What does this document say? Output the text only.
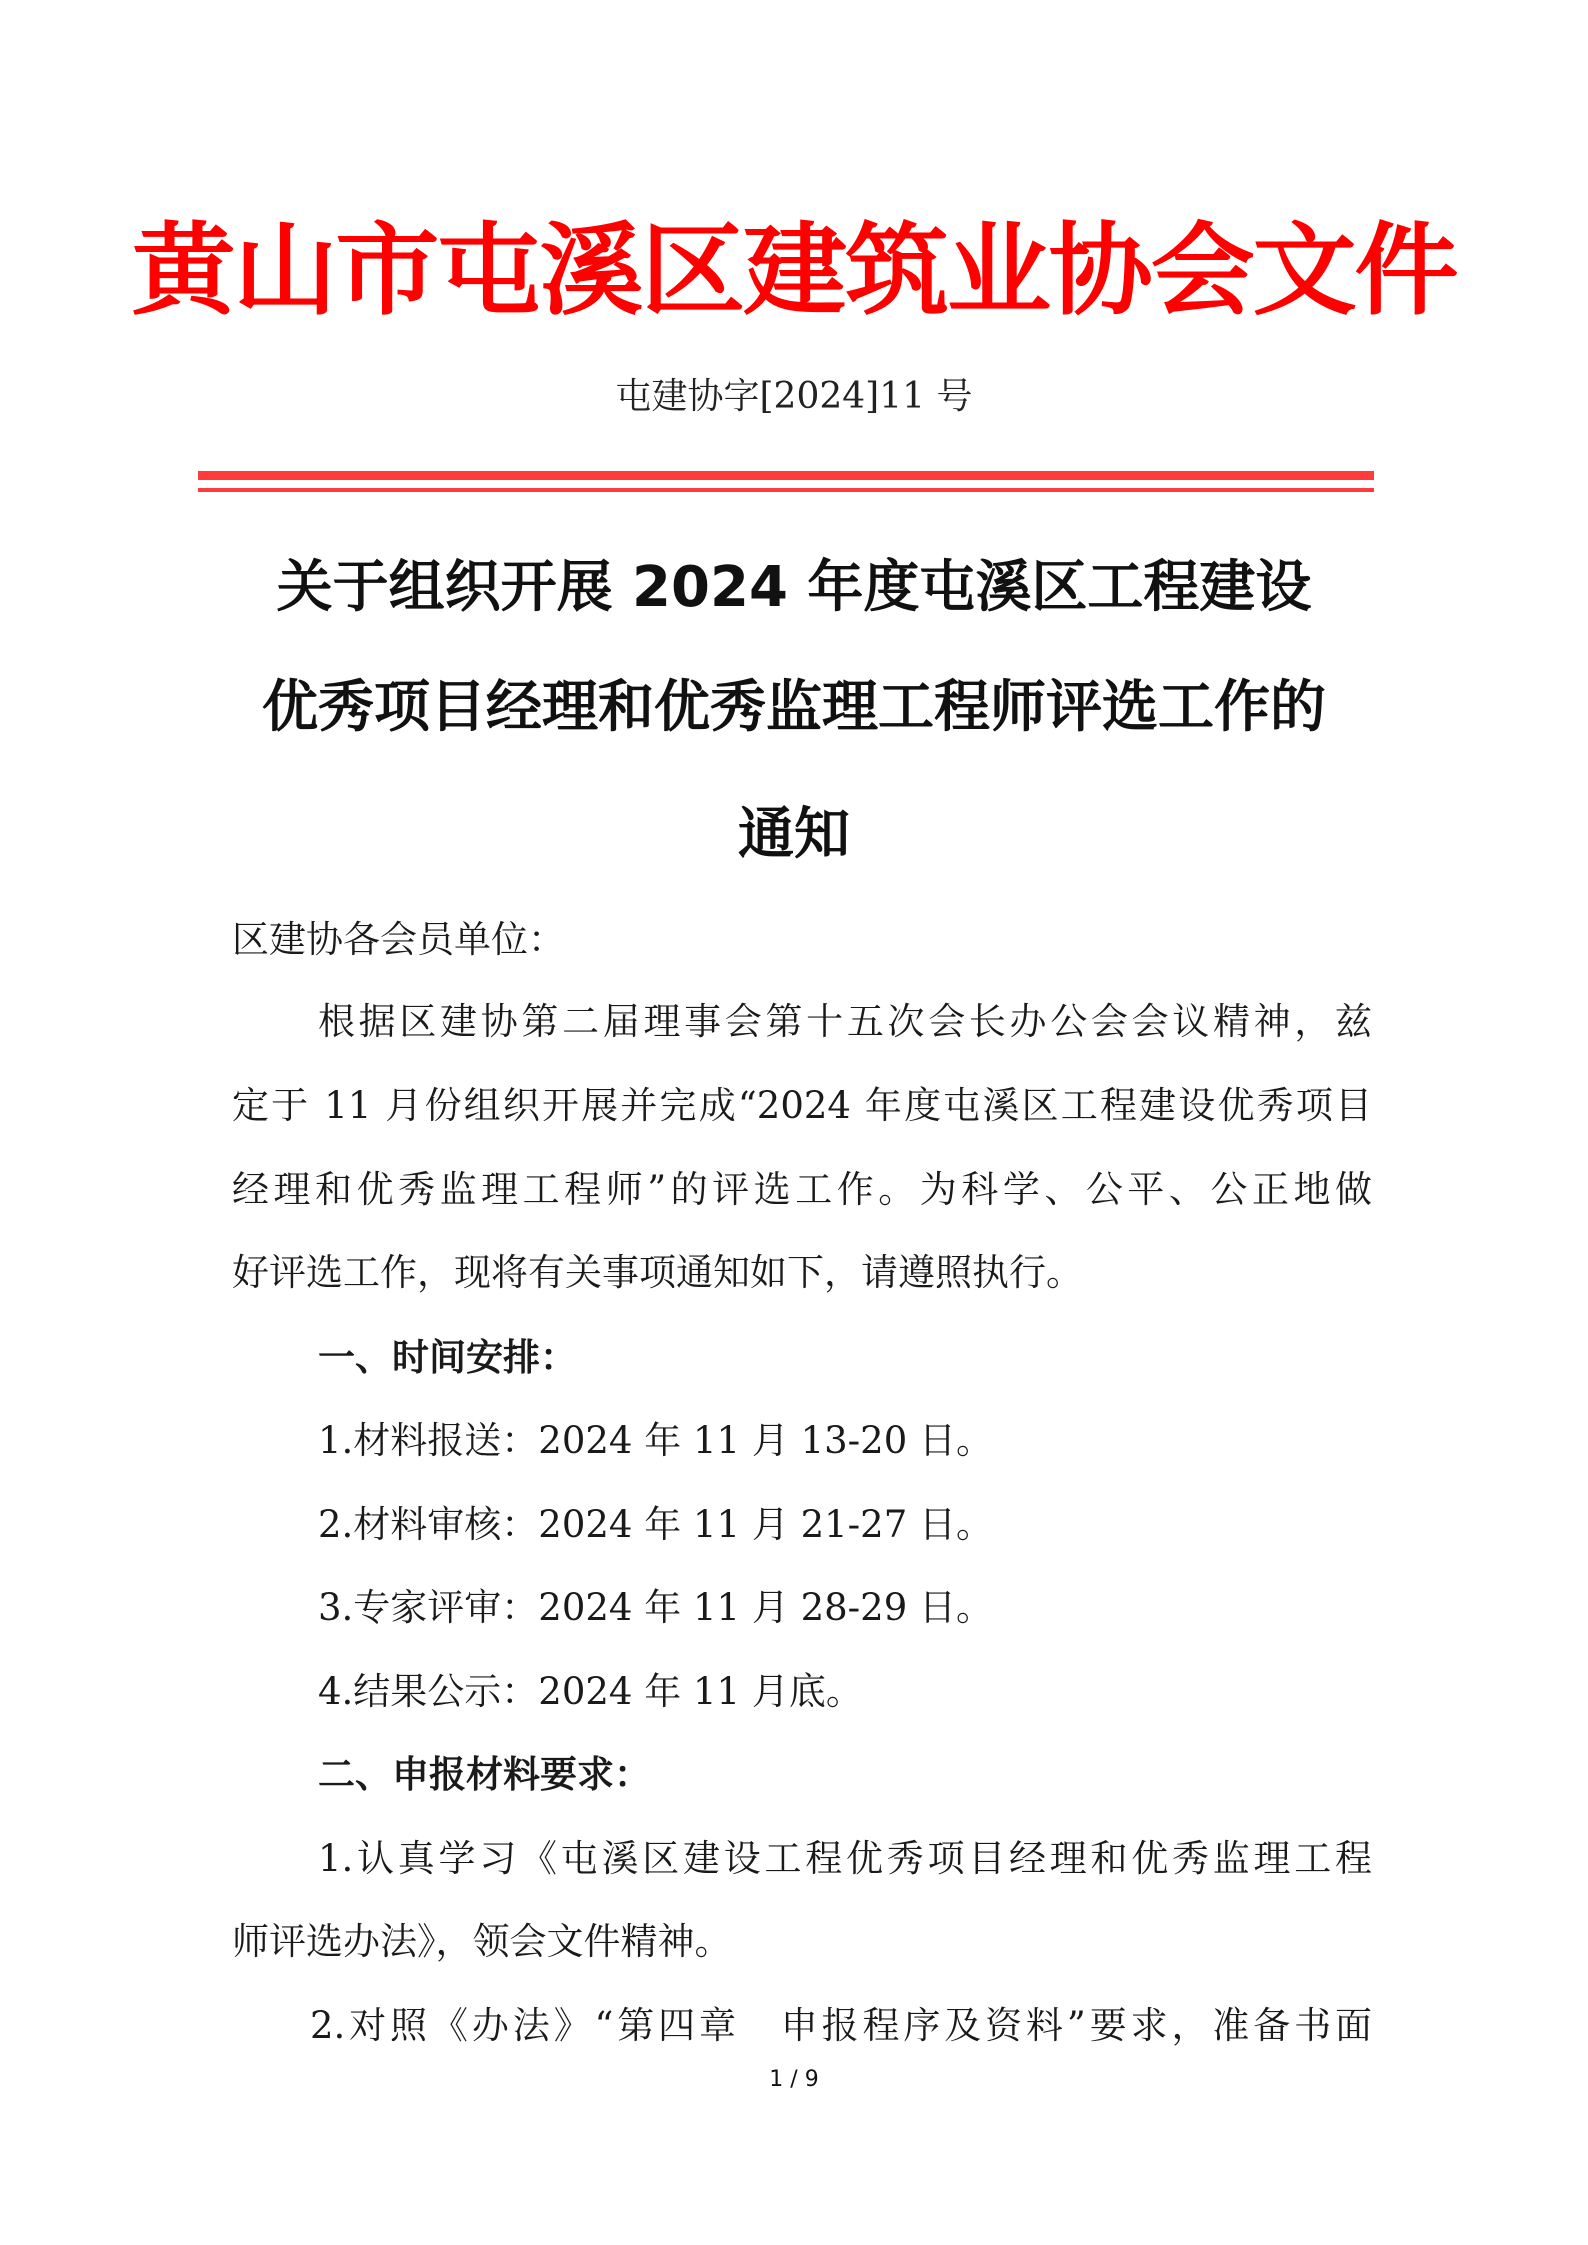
黄山市屯溪区建筑业协会文件
屯建协字[2024]11 号
关于组织开展 2024 年度屯溪区工程建设
优秀项目经理和优秀监理工程师评选工作的
通知
区建协各会员单位：
根据区建协第二届理事会第十五次会长办公会会议精神，兹
定于 11 月份组织开展并完成“2024 年度屯溪区工程建设优秀项目
经理和优秀监理工程师”的评选工作。为科学、公平、公正地做
好评选工作，现将有关事项通知如下，请遵照执行。
一、时间安排：
1.材料报送：2024 年 11 月 13-20 日。
2.材料审核：2024 年 11 月 21-27 日。
3.专家评审：2024 年 11 月 28-29 日。
4.结果公示：2024 年 11 月底。
二、申报材料要求：
1.认真学习《屯溪区建设工程优秀项目经理和优秀监理工程
师评选办法》，领会文件精神。
2.对照《办法》“第四章　申报程序及资料”要求，准备书面
1 / 9
